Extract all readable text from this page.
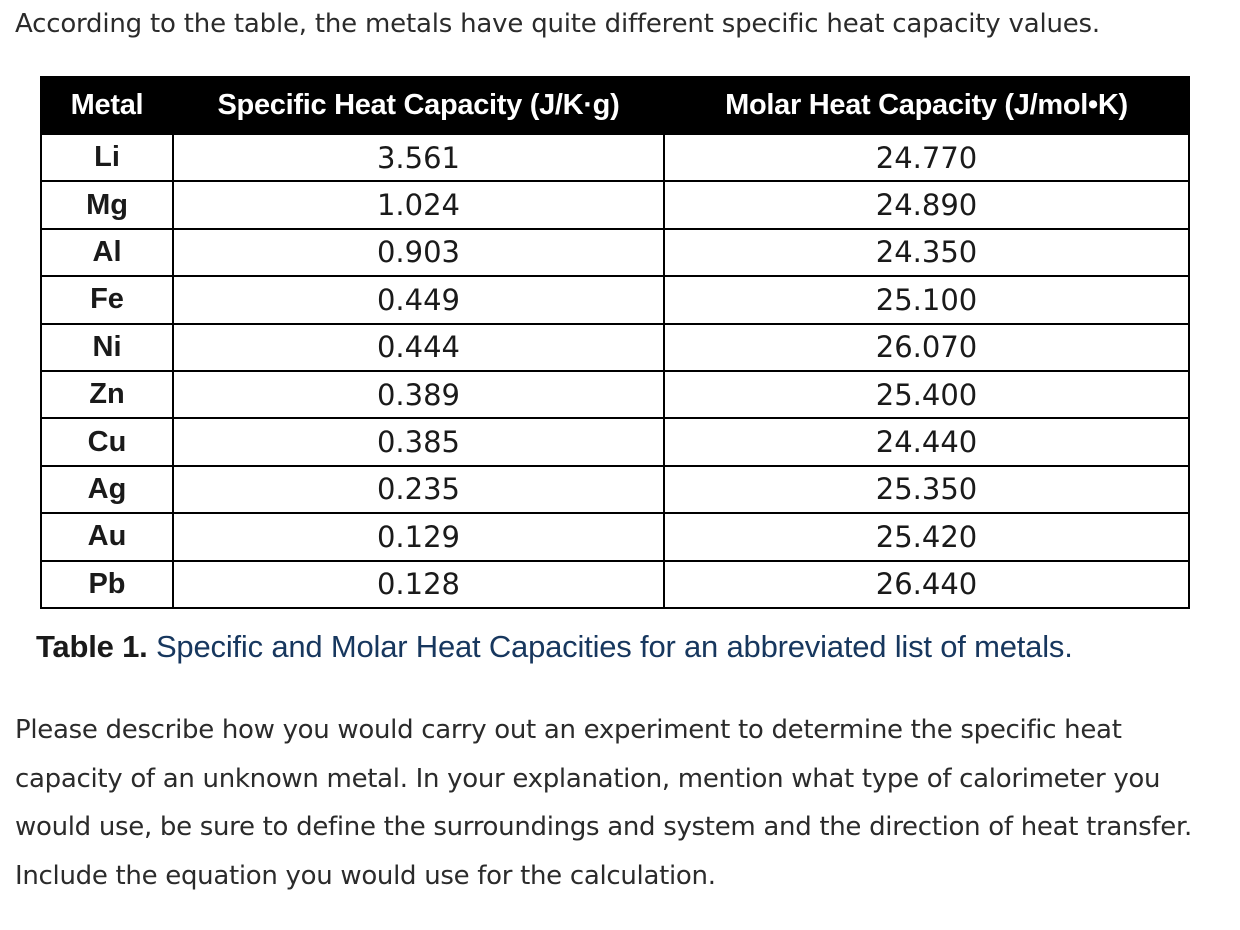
According to the table, the metals have quite different specific heat capacity values.

Metal	Specific Heat Capacity (J/K·g)	Molar Heat Capacity (J/mol•K)
Li	3.561	24.770
Mg	1.024	24.890
Al	0.903	24.350
Fe	0.449	25.100
Ni	0.444	26.070
Zn	0.389	25.400
Cu	0.385	24.440
Ag	0.235	25.350
Au	0.129	25.420
Pb	0.128	26.440

Table 1. Specific and Molar Heat Capacities for an abbreviated list of metals.

Please describe how you would carry out an experiment to determine the specific heat capacity of an unknown metal. In your explanation, mention what type of calorimeter you would use, be sure to define the surroundings and system and the direction of heat transfer. Include the equation you would use for the calculation.
